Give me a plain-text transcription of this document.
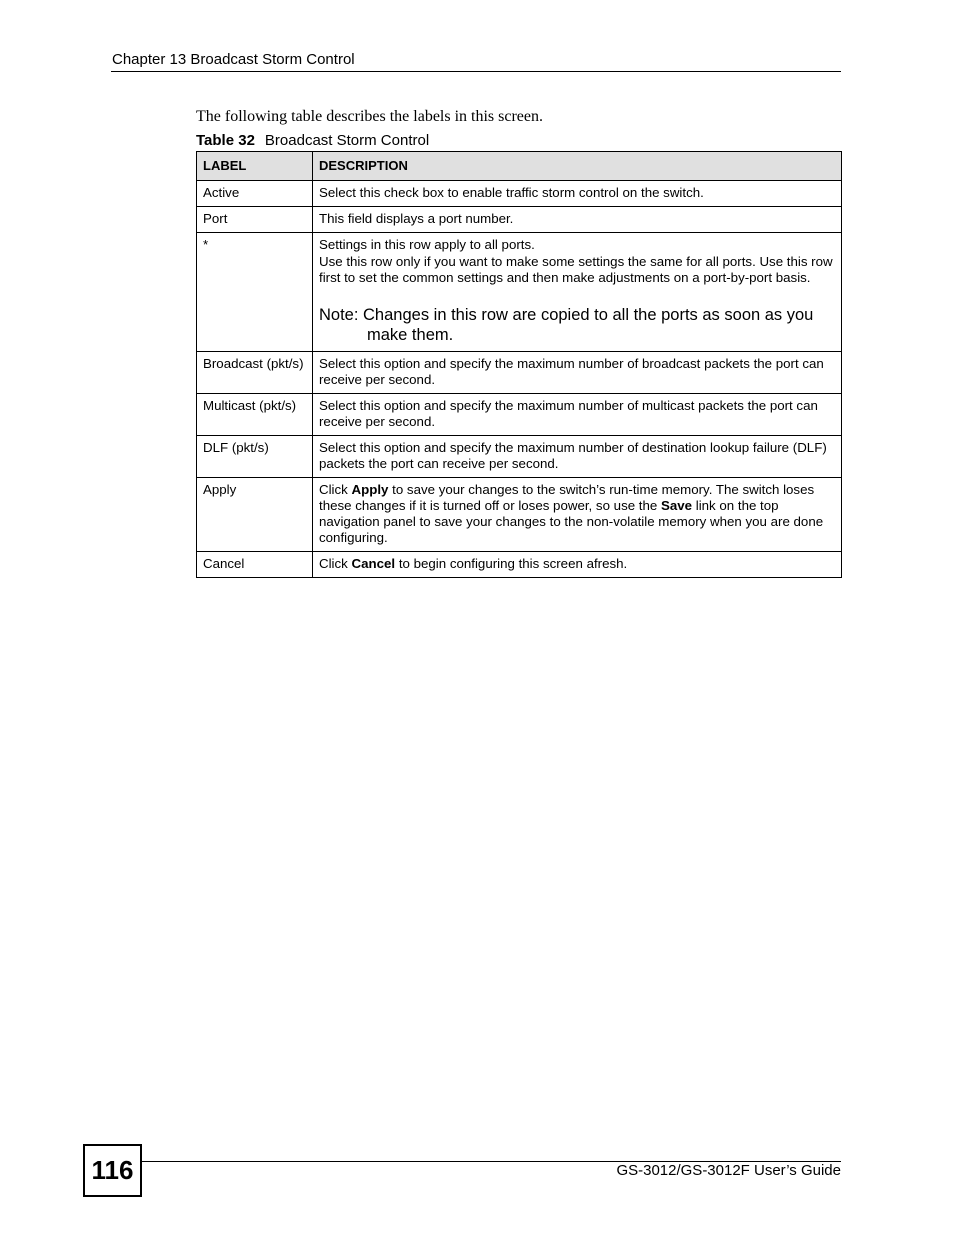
Chapter 13 Broadcast Storm Control
The following table describes the labels in this screen.
Table 32 Broadcast Storm Control
LABEL	DESCRIPTION
Active	Select this check box to enable traffic storm control on the switch.
Port	This field displays a port number.
*	Settings in this row apply to all ports.

Use this row only if you want to make some settings the same for all ports. Use this row first to set the common settings and then make adjustments on a port-by-port basis.

Note: Changes in this row are copied to all the ports as soon as you make them.

Broadcast (pkt/s)	Select this option and specify the maximum number of broadcast packets the port can receive per second.
Multicast (pkt/s)	Select this option and specify the maximum number of multicast packets the port can receive per second.
DLF (pkt/s)	Select this option and specify the maximum number of destination lookup failure (DLF) packets the port can receive per second.
Apply	Click Apply to save your changes to the switch’s run-time memory. The switch loses these changes if it is turned off or loses power, so use the Save link on the top navigation panel to save your changes to the non-volatile memory when you are done configuring.
Cancel	Click Cancel to begin configuring this screen afresh.
116	GS-3012/GS-3012F User’s Guide
